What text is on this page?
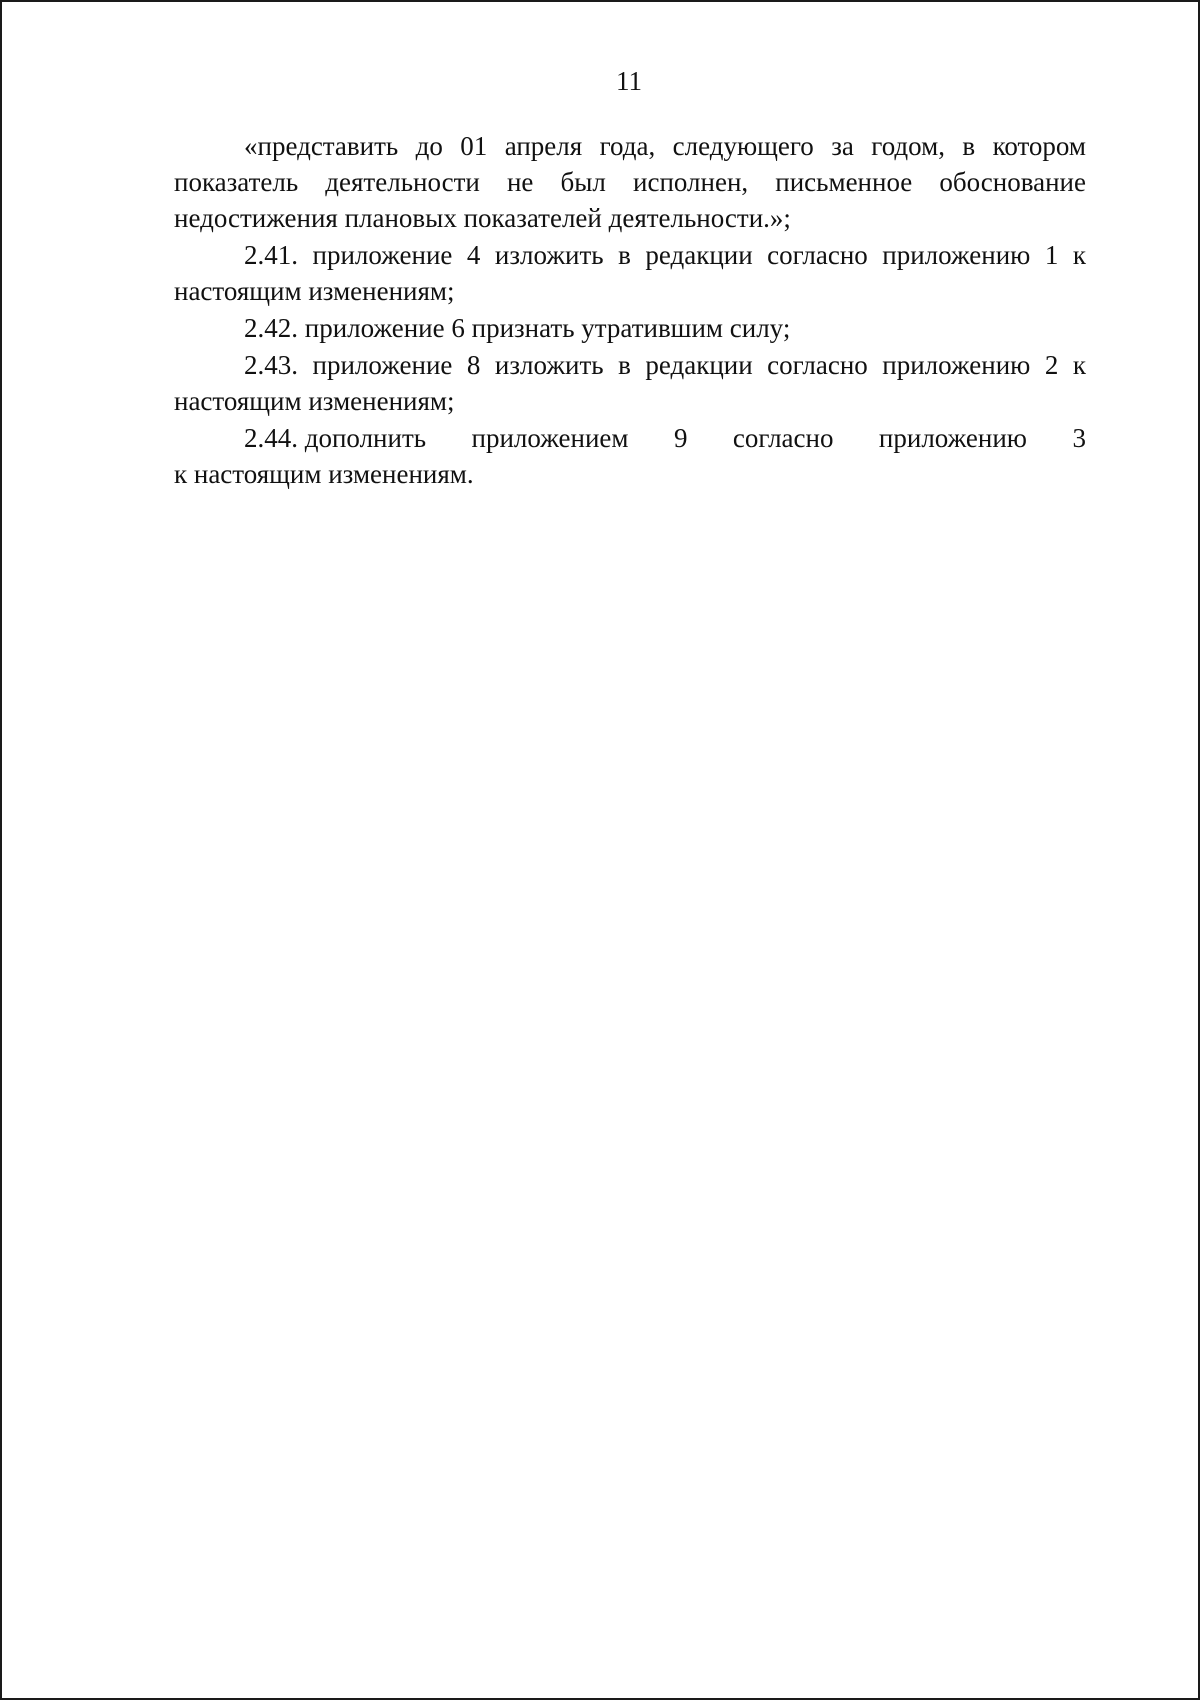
11

«представить до 01 апреля года, следующего за годом, в котором показатель деятельности не был исполнен, письменное обоснование недостижения плановых показателей деятельности.»;

2.41. приложение 4 изложить в редакции согласно приложению 1 к настоящим изменениям;

2.42. приложение 6 признать утратившим силу;

2.43. приложение 8 изложить в редакции согласно приложению 2 к настоящим изменениям;

2.44. дополнить приложением 9 согласно приложению 3
к настоящим изменениям.
